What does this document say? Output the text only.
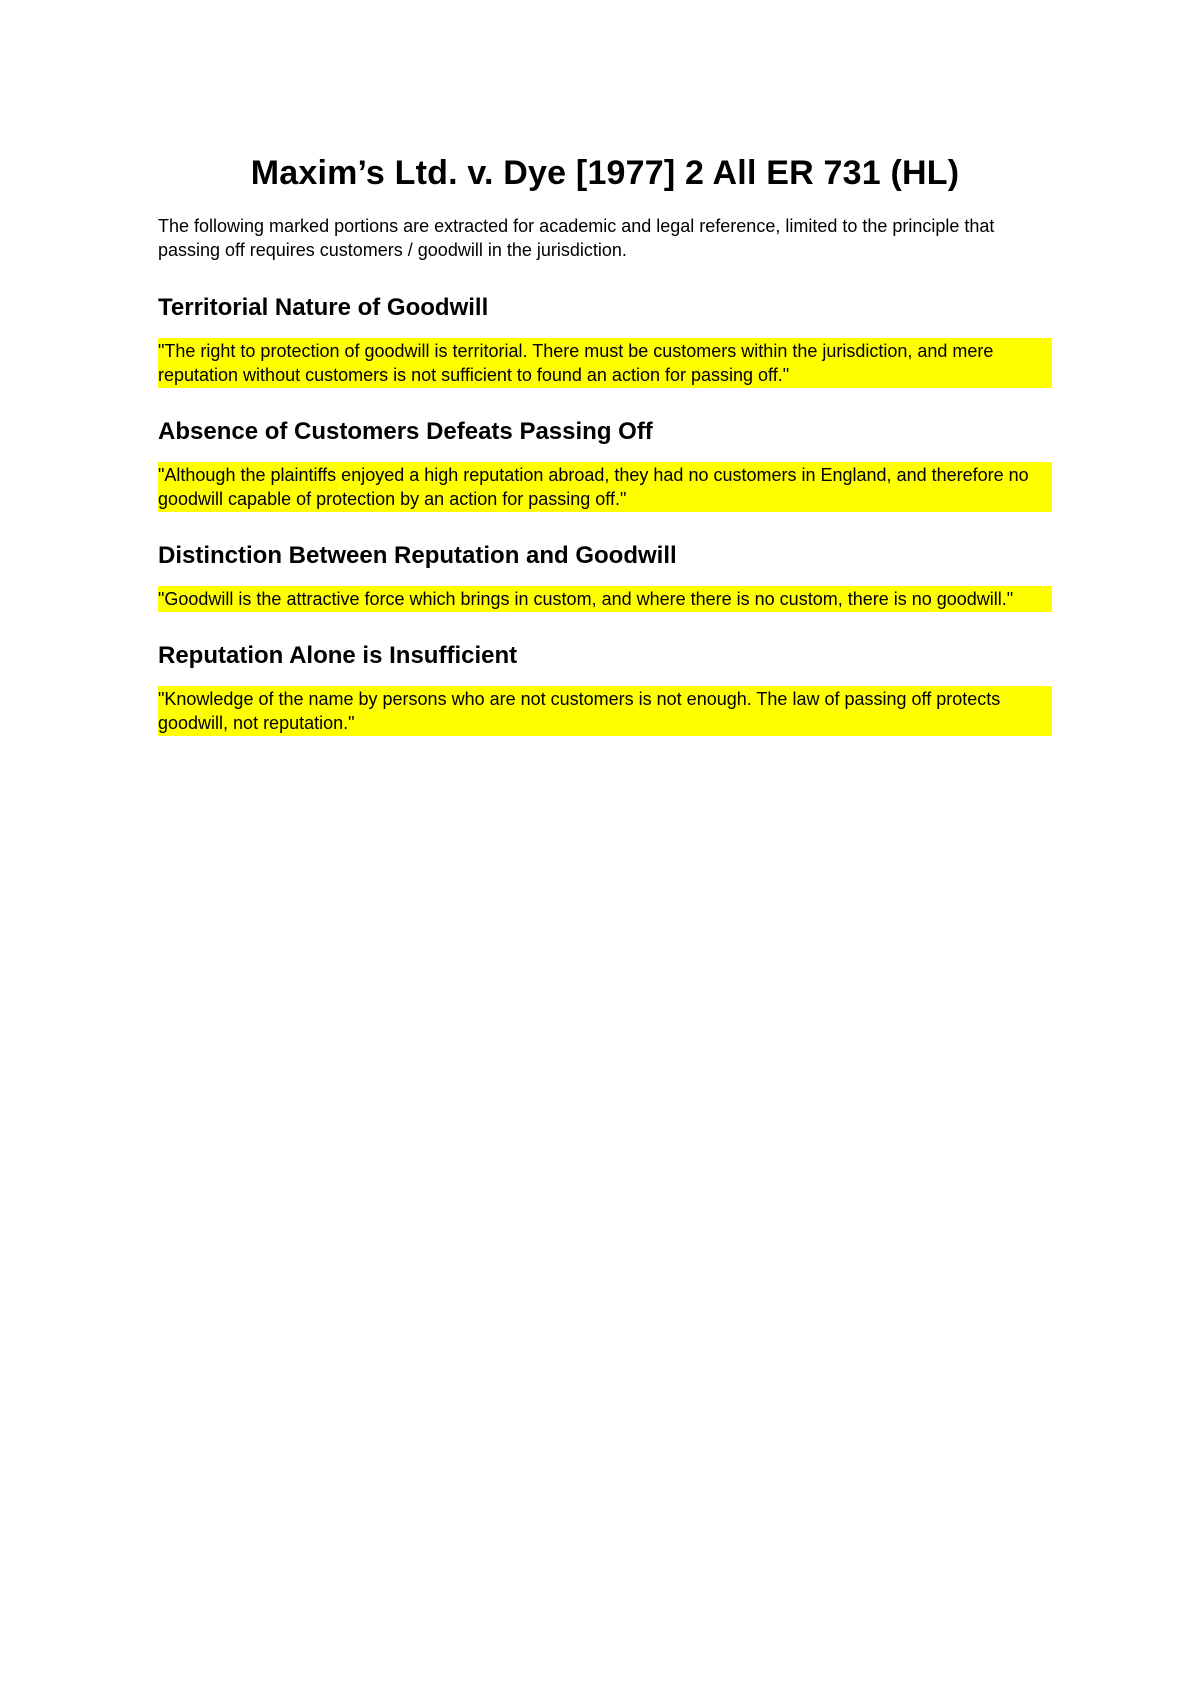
Maxim’s Ltd. v. Dye [1977] 2 All ER 731 (HL)

The following marked portions are extracted for academic and legal reference, limited to the principle that passing off requires customers / goodwill in the jurisdiction.

Territorial Nature of Goodwill

"The right to protection of goodwill is territorial. There must be customers within the jurisdiction, and mere reputation without customers is not sufficient to found an action for passing off."

Absence of Customers Defeats Passing Off

"Although the plaintiffs enjoyed a high reputation abroad, they had no customers in England, and therefore no goodwill capable of protection by an action for passing off."

Distinction Between Reputation and Goodwill

"Goodwill is the attractive force which brings in custom, and where there is no custom, there is no goodwill."

Reputation Alone is Insufficient

"Knowledge of the name by persons who are not customers is not enough. The law of passing off protects goodwill, not reputation."
